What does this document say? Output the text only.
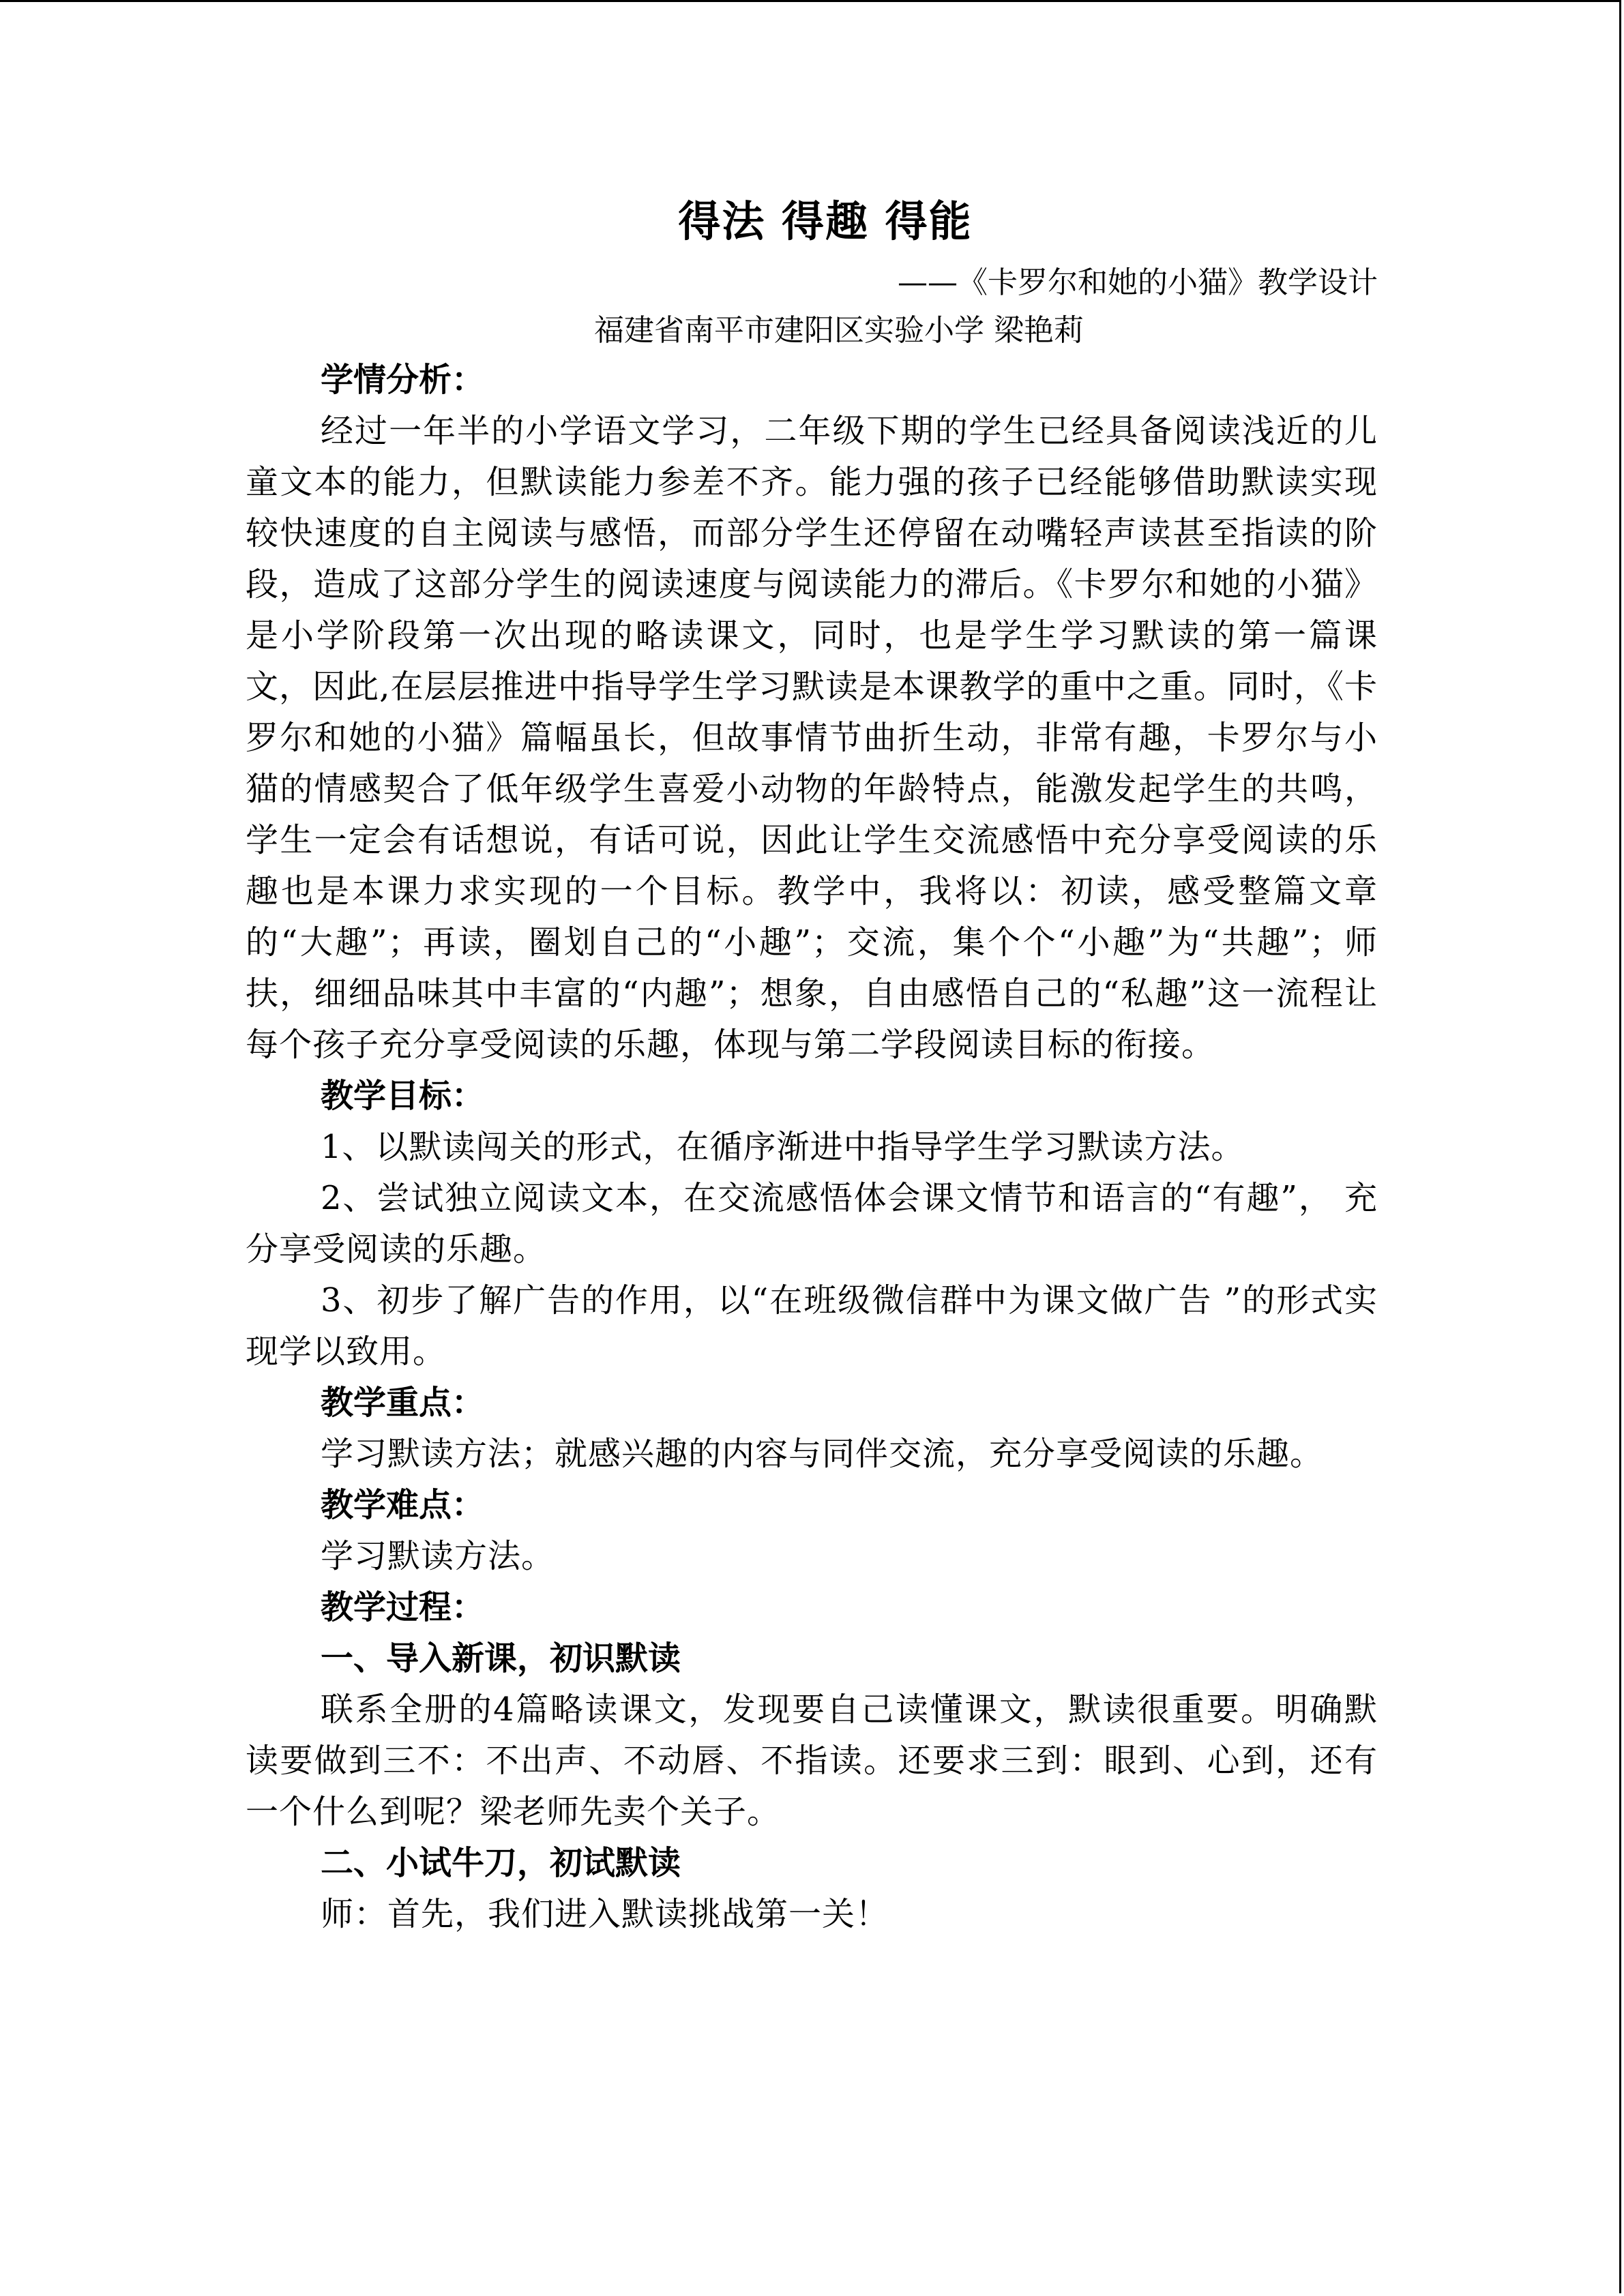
得法 得趣 得能

——《卡罗尔和她的小猫》教学设计

福建省南平市建阳区实验小学 梁艳莉

学情分析：

经过一年半的小学语文学习，二年级下期的学生已经具备阅读浅近的儿童文本的能力，但默读能力参差不齐。能力强的孩子已经能够借助默读实现较快速度的自主阅读与感悟，而部分学生还停留在动嘴轻声读甚至指读的阶段，造成了这部分学生的阅读速度与阅读能力的滞后。《卡罗尔和她的小猫》是小学阶段第一次出现的略读课文，同时，也是学生学习默读的第一篇课文，因此,在层层推进中指导学生学习默读是本课教学的重中之重。同时，《卡罗尔和她的小猫》篇幅虽长，但故事情节曲折生动，非常有趣，卡罗尔与小猫的情感契合了低年级学生喜爱小动物的年龄特点，能激发起学生的共鸣，学生一定会有话想说，有话可说，因此让学生交流感悟中充分享受阅读的乐趣也是本课力求实现的一个目标。教学中，我将以：初读，感受整篇文章的“大趣”；再读，圈划自己的“小趣”；交流，集个个“小趣”为“共趣”；师扶，细细品味其中丰富的“内趣”；想象，自由感悟自己的“私趣”这一流程让每个孩子充分享受阅读的乐趣，体现与第二学段阅读目标的衔接。

教学目标：

1、以默读闯关的形式，在循序渐进中指导学生学习默读方法。

2、尝试独立阅读文本，在交流感悟体会课文情节和语言的“有趣”， 充分享受阅读的乐趣。

3、初步了解广告的作用，以“在班级微信群中为课文做广告 ”的形式实现学以致用。

教学重点：

学习默读方法；就感兴趣的内容与同伴交流，充分享受阅读的乐趣。

教学难点：

学习默读方法。

教学过程：

一、导入新课，初识默读

联系全册的4篇略读课文，发现要自己读懂课文，默读很重要。明确默读要做到三不：不出声、不动唇、不指读。还要求三到：眼到、心到，还有一个什么到呢？梁老师先卖个关子。

二、小试牛刀，初试默读

师：首先，我们进入默读挑战第一关！
